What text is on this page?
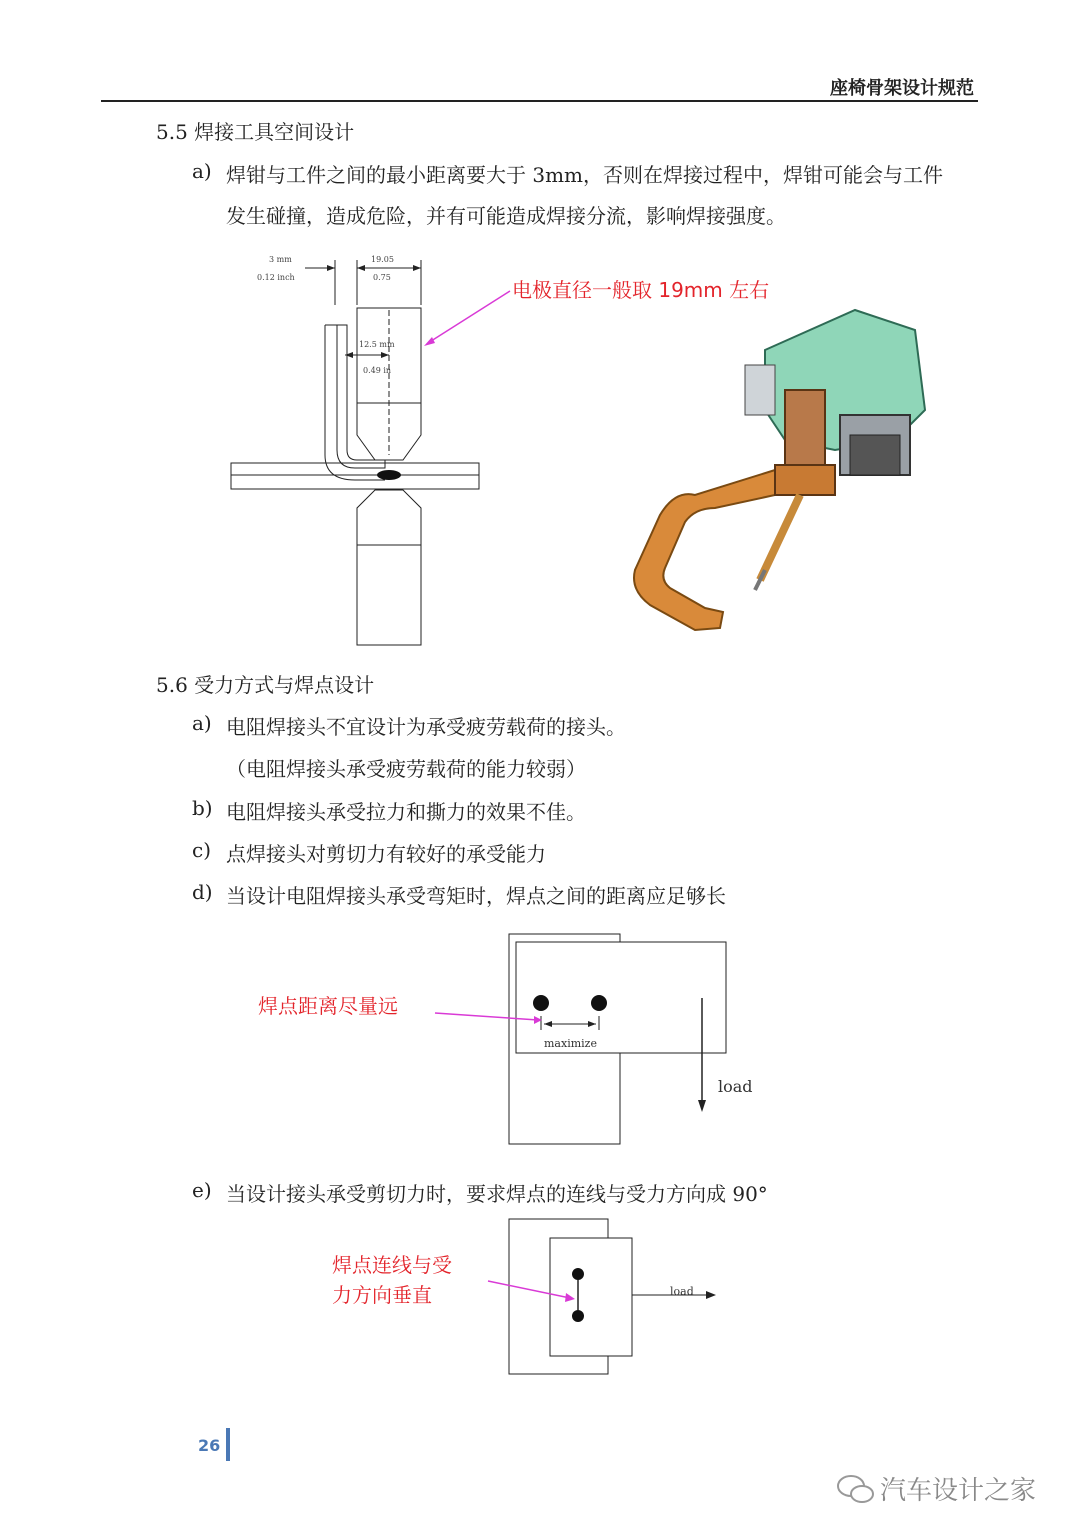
座椅骨架设计规范
5.5 焊接工具空间设计
a) 焊钳与工件之间的最小距离要大于 3mm，否则在焊接过程中，焊钳可能会与工件
发生碰撞，造成危险，并有可能造成焊接分流，影响焊接强度。
3 mm
0.12 inch
19.05
0.75
12.5 mm
0.49 in
电极直径一般取 19mm 左右
5.6 受力方式与焊点设计
a) 电阻焊接头不宜设计为承受疲劳载荷的接头。
（电阻焊接头承受疲劳载荷的能力较弱）
b) 电阻焊接头承受拉力和撕力的效果不佳。
c) 点焊接头对剪切力有较好的承受能力
d) 当设计电阻焊接头承受弯矩时，焊点之间的距离应足够长
maximize
load
焊点距离尽量远
e) 当设计接头承受剪切力时，要求焊点的连线与受力方向成 90°
load
焊点连线与受
力方向垂直
26
汽车设计之家
